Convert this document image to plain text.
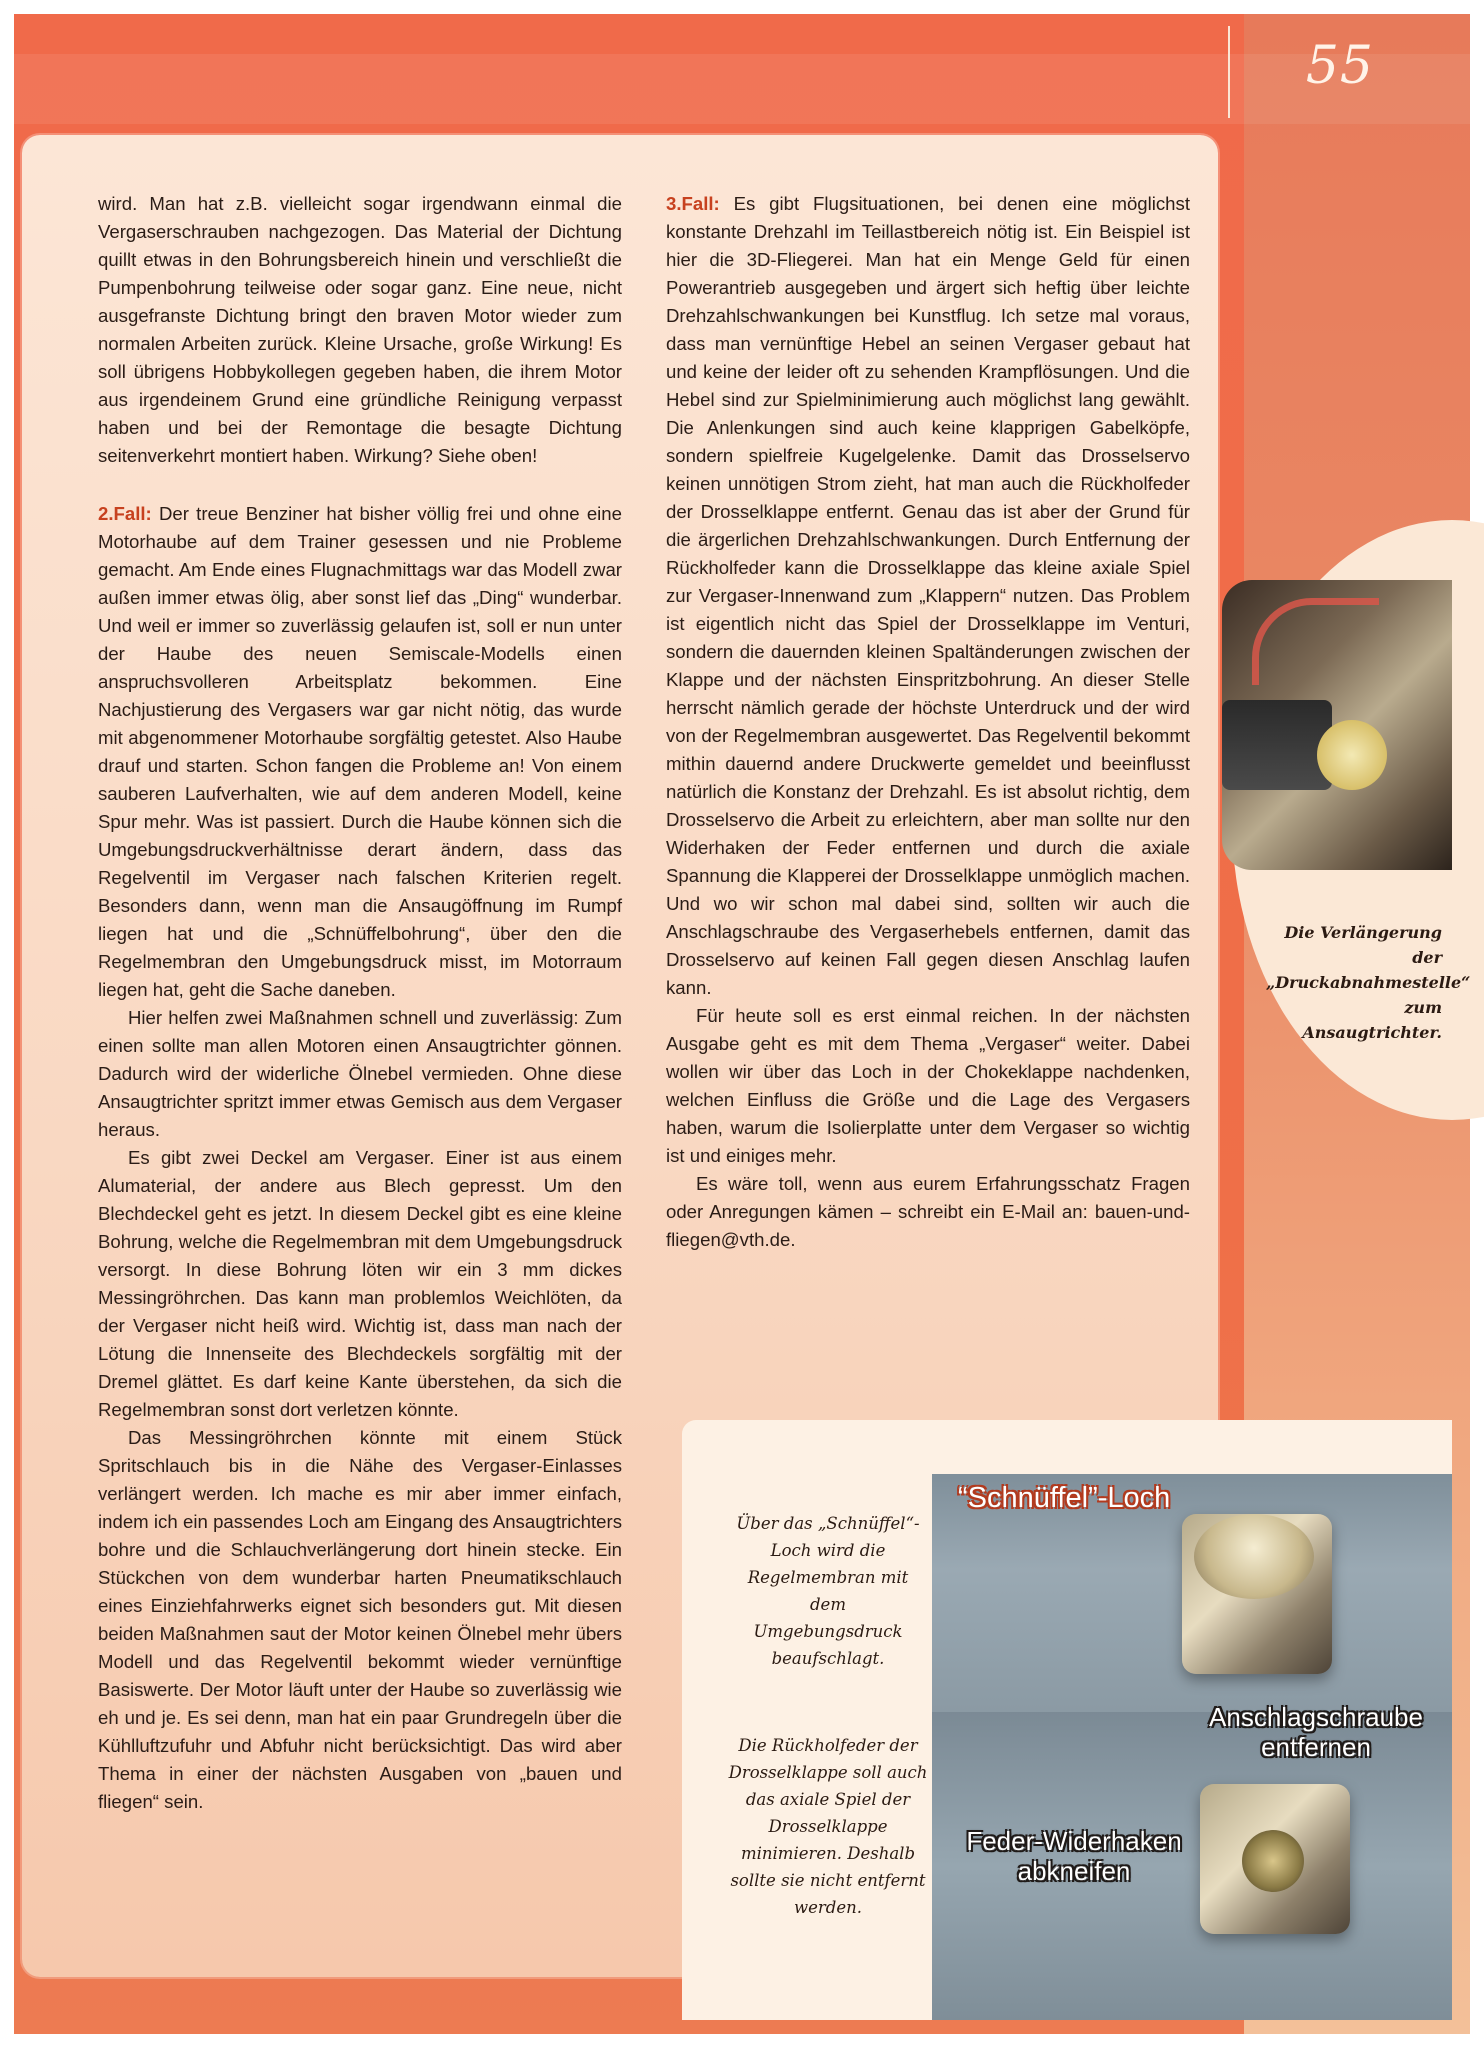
55
Die Verlängerung der „Druckabnahmestelle“ zum Ansaugtrichter.

wird. Man hat z.B. vielleicht sogar irgendwann einmal die Vergaserschrauben nachgezogen. Das Material der Dichtung quillt etwas in den Bohrungsbereich hinein und verschließt die Pumpenbohrung teilweise oder sogar ganz. Eine neue, nicht ausgefranste Dichtung bringt den braven Motor wieder zum normalen Arbeiten zurück. Kleine Ursache, große Wirkung! Es soll übrigens Hobbykollegen gegeben haben, die ihrem Motor aus irgendeinem Grund eine gründliche Reinigung verpasst haben und bei der Remontage die besagte Dichtung seitenverkehrt montiert haben. Wirkung? Siehe oben!

2.Fall: Der treue Benziner hat bisher völlig frei und ohne eine Motorhaube auf dem Trainer gesessen und nie Probleme gemacht. Am Ende eines Flugnachmittags war das Modell zwar außen immer etwas ölig, aber sonst lief das „Ding“ wunderbar. Und weil er immer so zuverlässig gelaufen ist, soll er nun unter der Haube des neuen Semiscale-Modells einen anspruchsvolleren Arbeitsplatz bekommen. Eine Nachjustierung des Vergasers war gar nicht nötig, das wurde mit abgenommener Motorhaube sorgfältig getestet. Also Haube drauf und starten. Schon fangen die Probleme an! Von einem sauberen Laufverhalten, wie auf dem anderen Modell, keine Spur mehr. Was ist passiert. Durch die Haube können sich die Umgebungsdruckverhältnisse derart ändern, dass das Regelventil im Vergaser nach falschen Kriterien regelt. Besonders dann, wenn man die Ansaugöffnung im Rumpf liegen hat und die „Schnüffelbohrung“, über den die Regelmembran den Umgebungsdruck misst, im Motorraum liegen hat, geht die Sache daneben.

Hier helfen zwei Maßnahmen schnell und zuverlässig: Zum einen sollte man allen Motoren einen Ansaugtrichter gönnen. Dadurch wird der widerliche Ölnebel vermieden. Ohne diese Ansaugtrichter spritzt immer etwas Gemisch aus dem Vergaser heraus.

Es gibt zwei Deckel am Vergaser. Einer ist aus einem Alumaterial, der andere aus Blech gepresst. Um den Blechdeckel geht es jetzt. In diesem Deckel gibt es eine kleine Bohrung, welche die Regelmembran mit dem Umgebungsdruck versorgt. In diese Bohrung löten wir ein 3 mm dickes Messingröhrchen. Das kann man problemlos Weichlöten, da der Vergaser nicht heiß wird. Wichtig ist, dass man nach der Lötung die Innenseite des Blechdeckels sorgfältig mit der Dremel glättet. Es darf keine Kante überstehen, da sich die Regelmembran sonst dort verletzen könnte.

Das Messingröhrchen könnte mit einem Stück Spritschlauch bis in die Nähe des Vergaser-Einlasses verlängert werden. Ich mache es mir aber immer einfach, indem ich ein passendes Loch am Eingang des Ansaugtrichters bohre und die Schlauchverlängerung dort hinein stecke. Ein Stückchen von dem wunderbar harten Pneumatikschlauch eines Einziehfahrwerks eignet sich besonders gut. Mit diesen beiden Maßnahmen saut der Motor keinen Ölnebel mehr übers Modell und das Regelventil bekommt wieder vernünftige Basiswerte. Der Motor läuft unter der Haube so zuverlässig wie eh und je. Es sei denn, man hat ein paar Grundregeln über die Kühlluftzufuhr und Abfuhr nicht berücksichtigt. Das wird aber Thema in einer der nächsten Ausgaben von „bauen und fliegen“ sein.

3.Fall: Es gibt Flugsituationen, bei denen eine möglichst konstante Drehzahl im Teillastbereich nötig ist. Ein Beispiel ist hier die 3D-Fliegerei. Man hat ein Menge Geld für einen Powerantrieb ausgegeben und ärgert sich heftig über leichte Drehzahlschwankungen bei Kunstflug. Ich setze mal voraus, dass man vernünftige Hebel an seinen Vergaser gebaut hat und keine der leider oft zu sehenden Krampflösungen. Und die Hebel sind zur Spielminimierung auch möglichst lang gewählt. Die Anlenkungen sind auch keine klapprigen Gabelköpfe, sondern spielfreie Kugelgelenke. Damit das Drosselservo keinen unnötigen Strom zieht, hat man auch die Rückholfeder der Drosselklappe entfernt. Genau das ist aber der Grund für die ärgerlichen Drehzahlschwankungen. Durch Entfernung der Rückholfeder kann die Drosselklappe das kleine axiale Spiel zur Vergaser-Innenwand zum „Klappern“ nutzen. Das Problem ist eigentlich nicht das Spiel der Drosselklappe im Venturi, sondern die dauernden kleinen Spaltänderungen zwischen der Klappe und der nächsten Einspritzbohrung. An dieser Stelle herrscht nämlich gerade der höchste Unterdruck und der wird von der Regelmembran ausgewertet. Das Regelventil bekommt mithin dauernd andere Druckwerte gemeldet und beeinflusst natürlich die Konstanz der Drehzahl. Es ist absolut richtig, dem Drosselservo die Arbeit zu erleichtern, aber man sollte nur den Widerhaken der Feder entfernen und durch die axiale Spannung die Klapperei der Drosselklappe unmöglich machen. Und wo wir schon mal dabei sind, sollten wir auch die Anschlagschraube des Vergaserhebels entfernen, damit das Drosselservo auf keinen Fall gegen diesen Anschlag laufen kann.

Für heute soll es erst einmal reichen. In der nächsten Ausgabe geht es mit dem Thema „Vergaser“ weiter. Dabei wollen wir über das Loch in der Chokeklappe nachdenken, welchen Einfluss die Größe und die Lage des Vergasers haben, warum die Isolierplatte unter dem Vergaser so wichtig ist und einiges mehr.

Es wäre toll, wenn aus eurem Erfahrungsschatz Fragen oder Anregungen kämen – schreibt ein E-Mail an: bauen-und-fliegen@vth.de.

Über das „Schnüffel“-Loch wird die Regelmembran mit dem Umgebungsdruck beaufschlagt.
Die Rückholfeder der Drosselklappe soll auch das axiale Spiel der Drosselklappe minimieren. Deshalb sollte sie nicht entfernt werden.
“Schnüffel”-Loch
Anschlagschraube
entfernen
Feder-Widerhaken
abkneifen
